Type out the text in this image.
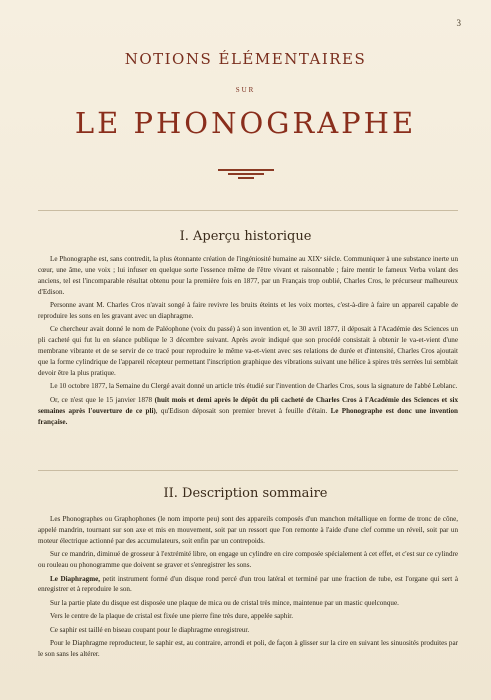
3
NOTIONS ÉLÉMENTAIRES
SUR
LE PHONOGRAPHE
I. Aperçu historique

Le Phonographe est, sans contredit, la plus étonnante création de l'ingéniosité humaine au XIXᵉ siècle. Communiquer à une substance inerte un cœur, une âme, une voix ; lui infuser en quelque sorte l'essence même de l'être vivant et raisonnable ; faire mentir le fameux Verba volant des anciens, tel est l'incomparable résultat obtenu pour la première fois en 1877, par un Français trop oublié, Charles Cros, le précurseur malheureux d'Edison.

Personne avant M. Charles Cros n'avait songé à faire revivre les bruits éteints et les voix mortes, c'est-à-dire à faire un appareil capable de reproduire les sons en les gravant avec un diaphragme.

Ce chercheur avait donné le nom de Paléophone (voix du passé) à son invention et, le 30 avril 1877, il déposait à l'Académie des Sciences un pli cacheté qui fut lu en séance publique le 3 décembre suivant. Après avoir indiqué que son procédé consistait à obtenir le va-et-vient d'une membrane vibrante et de se servir de ce tracé pour reproduire le même va-et-vient avec ses relations de durée et d'intensité, Charles Cros ajoutait que la forme cylindrique de l'appareil récepteur permettant l'inscription graphique des vibrations suivant une hélice à spires très serrées lui semblait devoir être la plus pratique.

Le 10 octobre 1877, la Semaine du Clergé avait donné un article très étudié sur l'invention de Charles Cros, sous la signature de l'abbé Leblanc.

Or, ce n'est que le 15 janvier 1878 (huit mois et demi après le dépôt du pli cacheté de Charles Cros à l'Académie des Sciences et six semaines après l'ouverture de ce pli), qu'Edison déposait son premier brevet à feuille d'étain. Le Phonographe est donc une invention française.

II. Description sommaire

Les Phonographes ou Graphophones (le nom importe peu) sont des appareils composés d'un manchon métallique en forme de tronc de cône, appelé mandrin, tournant sur son axe et mis en mouvement, soit par un ressort que l'on remonte à l'aide d'une clef comme un réveil, soit par un moteur électrique actionné par des accumulateurs, soit enfin par un contrepoids.

Sur ce mandrin, diminué de grosseur à l'extrémité libre, on engage un cylindre en cire composée spécialement à cet effet, et c'est sur ce cylindre ou rouleau ou phonogramme que doivent se graver et s'enregistrer les sons.

Le Diaphragme, petit instrument formé d'un disque rond percé d'un trou latéral et terminé par une fraction de tube, est l'organe qui sert à enregistrer et à reproduire le son.

Sur la partie plate du disque est disposée une plaque de mica ou de cristal très mince, maintenue par un mastic quelconque.

Vers le centre de la plaque de cristal est fixée une pierre fine très dure, appelée saphir.

Ce saphir est taillé en biseau coupant pour le diaphragme enregistreur.

Pour le Diaphragme reproducteur, le saphir est, au contraire, arrondi et poli, de façon à glisser sur la cire en suivant les sinuosités produites par le son sans les altérer.
